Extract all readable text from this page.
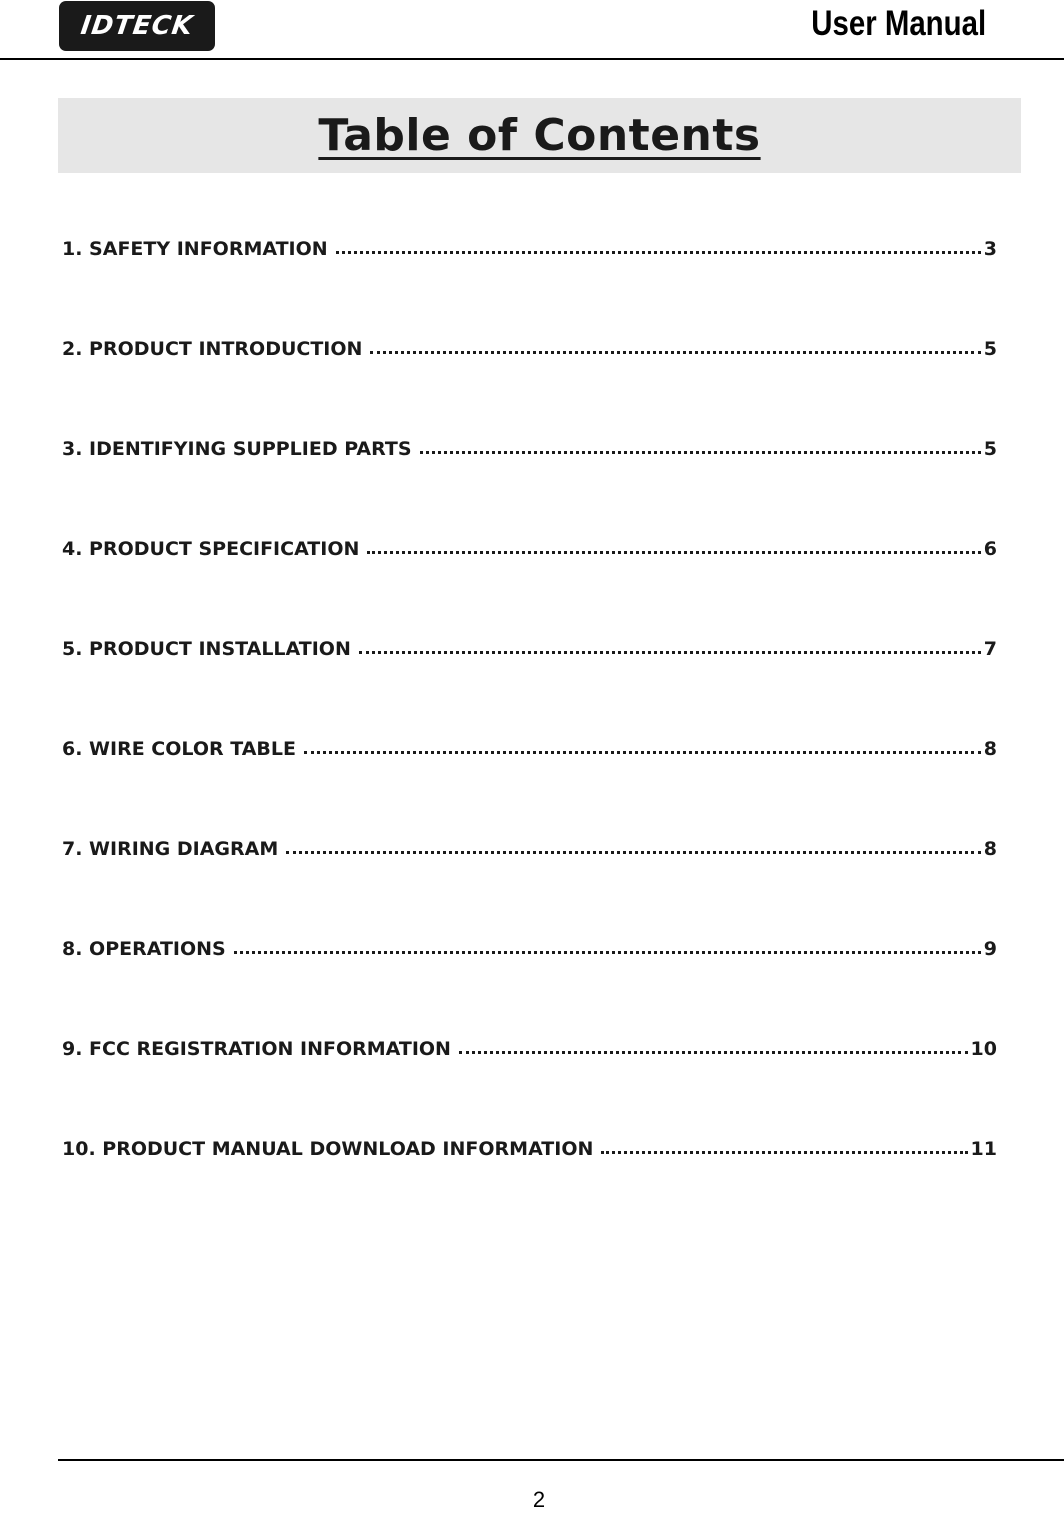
IDTECK	User Manual
Table of Contents
1. SAFETY INFORMATION	3
2. PRODUCT INTRODUCTION	5
3. IDENTIFYING SUPPLIED PARTS	5
4. PRODUCT SPECIFICATION	6
5. PRODUCT INSTALLATION	7
6. WIRE COLOR TABLE	8
7. WIRING DIAGRAM	8
8. OPERATIONS	9
9. FCC REGISTRATION INFORMATION	10
10. PRODUCT MANUAL DOWNLOAD INFORMATION	11
2
